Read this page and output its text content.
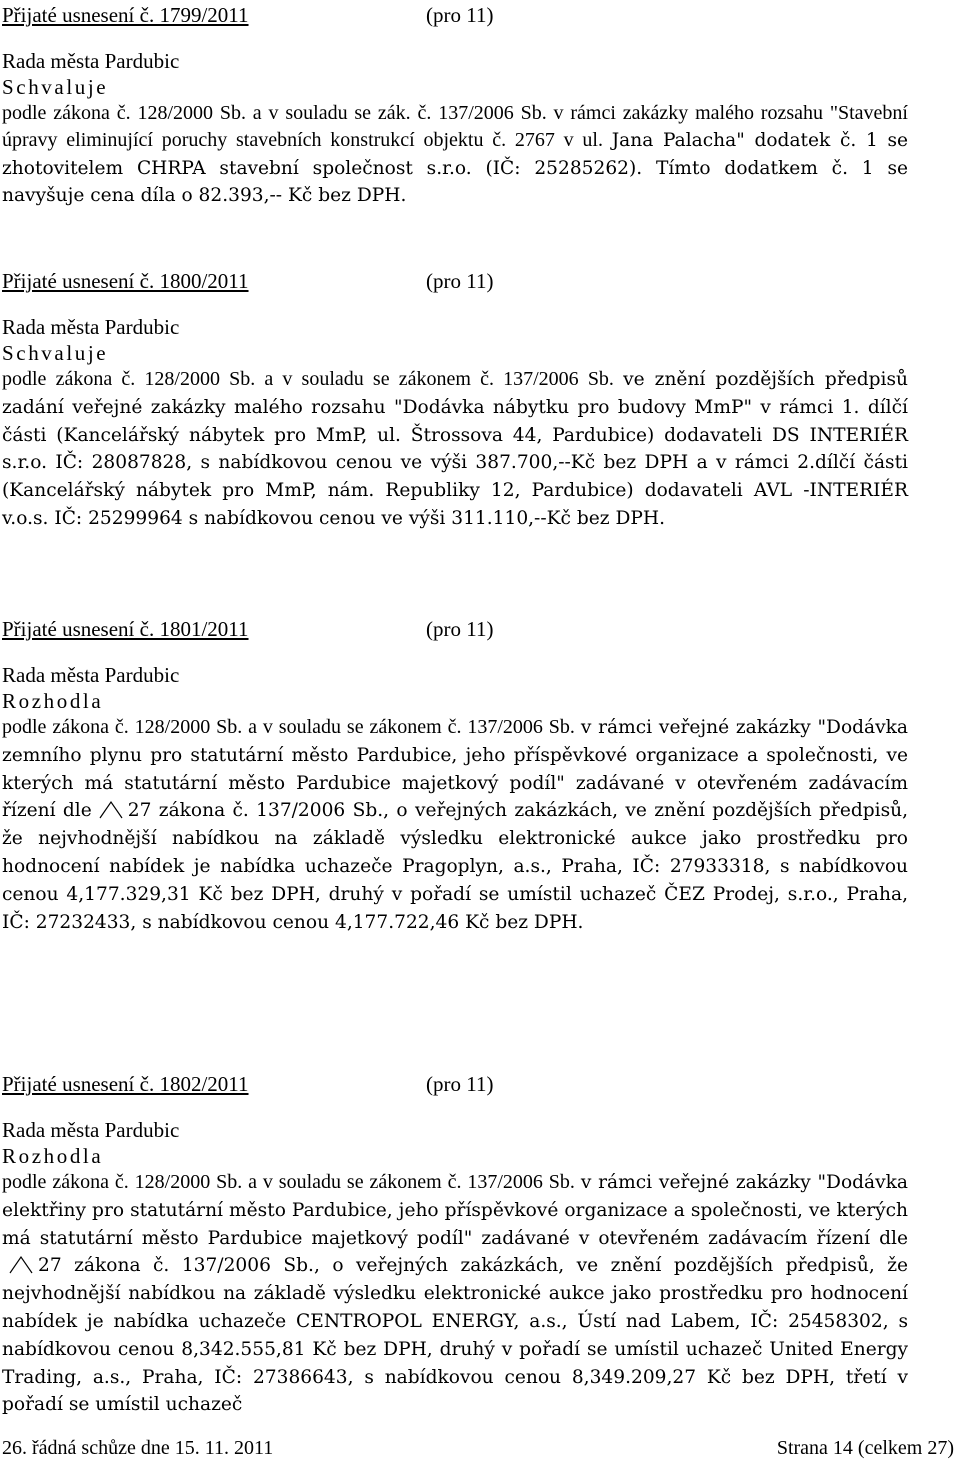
Přijaté usnesení č. 1799/2011	(pro 11)
Rada města Pardubic
Schvaluje
podle zákona č. 128/2000 Sb. a v souladu se zák. č. 137/2006 Sb. v rámci zakázky malého rozsahu "Stavební úpravy eliminující poruchy stavebních konstrukcí objektu č. 2767 v ul. Jana Palacha" dodatek č. 1 se zhotovitelem CHRPA stavební společnost s.r.o. (IČ: 25285262). Tímto dodatkem č. 1 se navyšuje cena díla o 82.393,-- Kč bez DPH.
Přijaté usnesení č. 1800/2011	(pro 11)
Rada města Pardubic
Schvaluje
podle zákona č. 128/2000 Sb. a v souladu se zákonem č. 137/2006 Sb. ve znění pozdějších předpisů zadání veřejné zakázky malého rozsahu "Dodávka nábytku pro budovy MmP" v rámci 1. dílčí části (Kancelářský nábytek pro MmP, ul. Štrossova 44, Pardubice) dodavateli DS INTERIÉR s.r.o. IČ: 28087828, s nabídkovou cenou ve výši 387.700,--Kč bez DPH a v rámci 2.dílčí části (Kancelářský nábytek pro MmP, nám. Republiky 12, Pardubice) dodavateli AVL -INTERIÉR v.o.s. IČ: 25299964 s nabídkovou cenou ve výši 311.110,--Kč bez DPH.
Přijaté usnesení č. 1801/2011	(pro 11)
Rada města Pardubic
Rozhodla
podle zákona č. 128/2000 Sb. a v souladu se zákonem č. 137/2006 Sb. v rámci veřejné zakázky "Dodávka zemního plynu pro statutární město Pardubice, jeho příspěvkové organizace a společnosti, ve kterých má statutární město Pardubice majetkový podíl" zadávané v otevřeném zadávacím řízení dle 27 zákona č. 137/2006 Sb., o veřejných zakázkách, ve znění pozdějších předpisů, že nejvhodnější nabídkou na základě výsledku elektronické aukce jako prostředku pro hodnocení nabídek je nabídka uchazeče Pragoplyn, a.s., Praha, IČ: 27933318, s nabídkovou cenou 4,177.329,31 Kč bez DPH, druhý v pořadí se umístil uchazeč ČEZ Prodej, s.r.o., Praha, IČ: 27232433, s nabídkovou cenou 4,177.722,46 Kč bez DPH.
Přijaté usnesení č. 1802/2011	(pro 11)
Rada města Pardubic
Rozhodla
podle zákona č. 128/2000 Sb. a v souladu se zákonem č. 137/2006 Sb. v rámci veřejné zakázky "Dodávka elektřiny pro statutární město Pardubice, jeho příspěvkové organizace a společnosti, ve kterých má statutární město Pardubice majetkový podíl" zadávané v otevřeném zadávacím řízení dle
27 zákona č. 137/2006 Sb., o veřejných zakázkách, ve znění pozdějších předpisů, že nejvhodnější nabídkou na základě výsledku elektronické aukce jako prostředku pro hodnocení nabídek je nabídka uchazeče CENTROPOL ENERGY, a.s., Ústí nad Labem, IČ: 25458302, s nabídkovou cenou 8,342.555,81 Kč bez DPH, druhý v pořadí se umístil uchazeč United Energy Trading, a.s., Praha, IČ: 27386643, s nabídkovou cenou 8,349.209,27 Kč bez DPH, třetí v pořadí se umístil uchazeč
26. řádná schůze dne 15. 11. 2011	Strana 14 (celkem 27)
